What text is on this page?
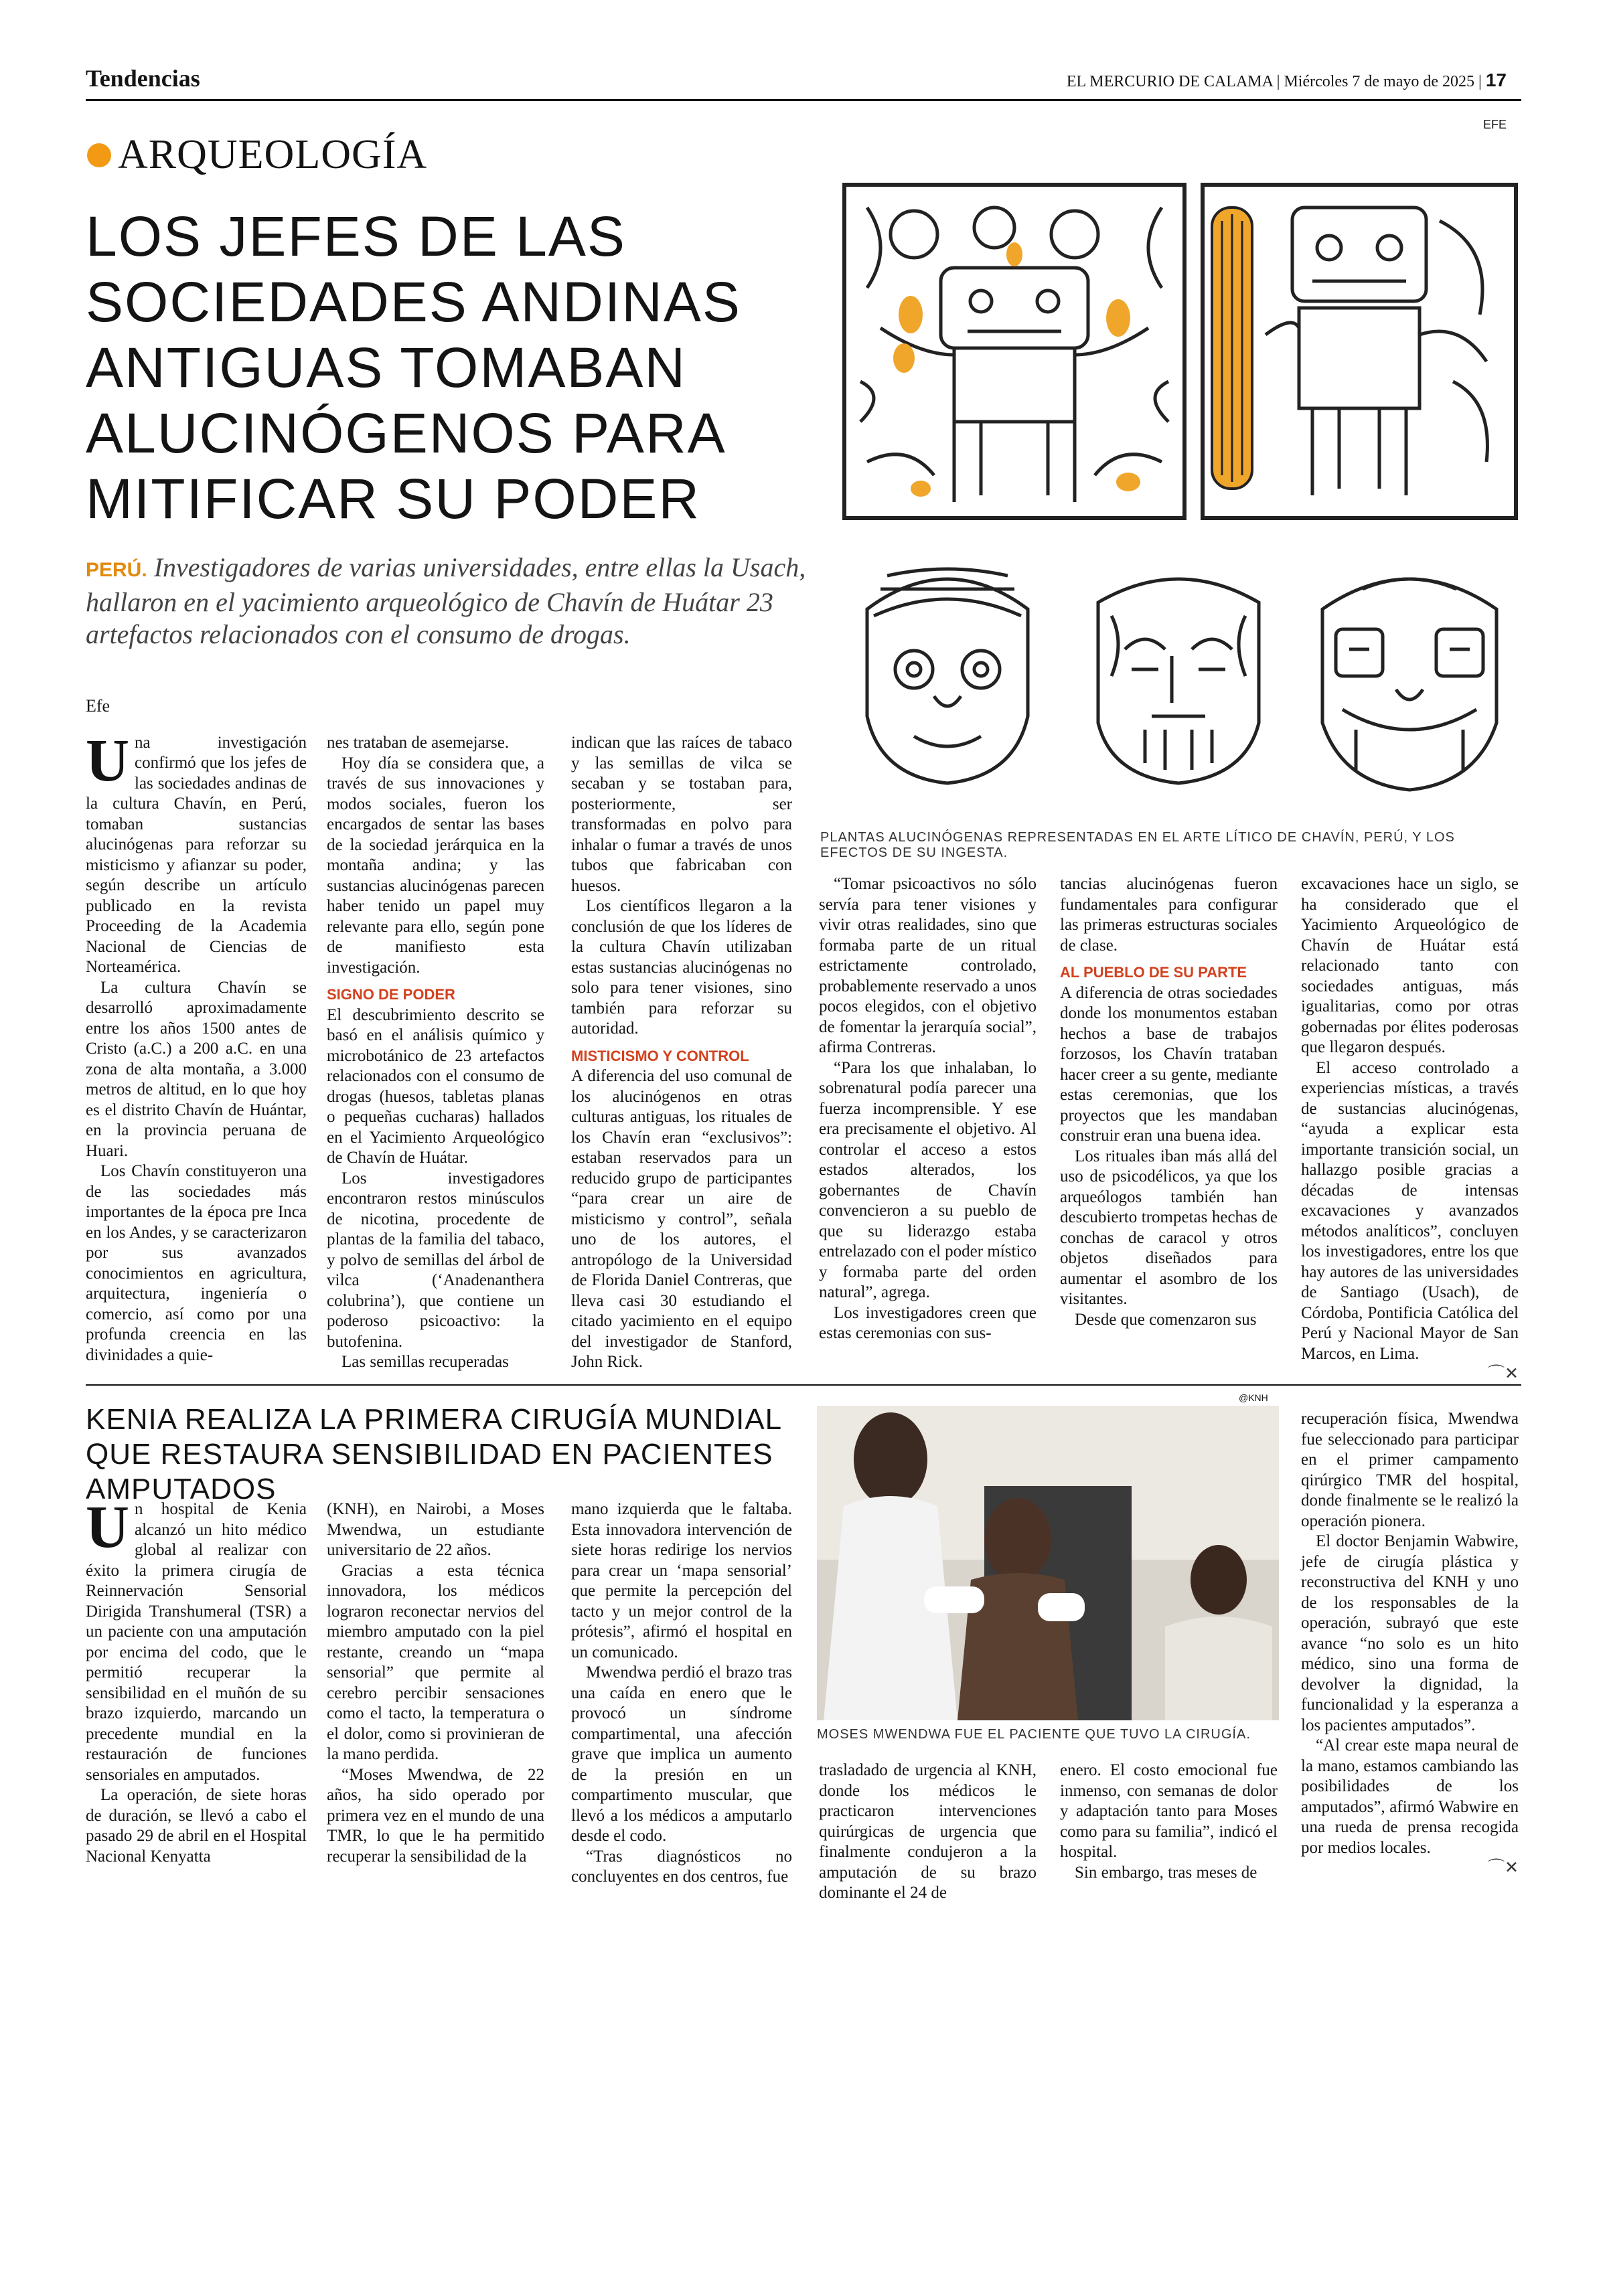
Tendencias	EL MERCURIO DE CALAMA | Miércoles 7 de mayo de 2025 | 17
EFE
ARQUEOLOGÍA
LOS JEFES DE LAS SOCIEDADES ANDINAS ANTIGUAS TOMABAN ALUCINÓGENOS PARA MITIFICAR SU PODER
PERÚ. Investigadores de varias universidades, entre ellas la Usach, hallaron en el yacimiento arqueológico de Chavín de Huátar 23 artefactos relacionados con el consumo de drogas.
PLANTAS ALUCINÓGENAS REPRESENTADAS EN EL ARTE LÍTICO DE CHAVÍN, PERÚ, Y LOS EFECTOS DE SU INGESTA.

Efe

Una investigación confirmó que los jefes de las sociedades andinas de la cultura Chavín, en Perú, tomaban sustancias alucinógenas para reforzar su misticismo y afianzar su poder, según describe un artículo publicado en la revista Proceeding de la Academia Nacional de Ciencias de Norteamérica.

La cultura Chavín se desarrolló aproximadamente entre los años 1500 antes de Cristo (a.C.) a 200 a.C. en una zona de alta montaña, a 3.000 metros de altitud, en lo que hoy es el distrito Chavín de Huántar, en la provincia peruana de Huari.

Los Chavín constituyeron una de las sociedades más importantes de la época pre Inca en los Andes, y se caracterizaron por sus avanzados conocimientos en agricultura, arquitectura, ingeniería o comercio, así como por una profunda creencia en las divinidades a quie-

nes trataban de asemejarse.

Hoy día se considera que, a través de sus innovaciones y modos sociales, fueron los encargados de sentar las bases de la sociedad jerárquica en la montaña andina; y las sustancias alucinógenas parecen haber tenido un papel muy relevante para ello, según pone de manifiesto esta investigación.

SIGNO DE PODER

El descubrimiento descrito se basó en el análisis químico y microbotánico de 23 artefactos relacionados con el consumo de drogas (huesos, tabletas planas o pequeñas cucharas) hallados en el Yacimiento Arqueológico de Chavín de Huátar.

Los investigadores encontraron restos minúsculos de nicotina, procedente de plantas de la familia del tabaco, y polvo de semillas del árbol de vilca (‘Anadenanthera colubrina’), que contiene un poderoso psicoactivo: la butofenina.

Las semillas recuperadas

indican que las raíces de tabaco y las semillas de vilca se secaban y se tostaban para, posteriormente, ser transformadas en polvo para inhalar o fumar a través de unos tubos que fabricaban con huesos.

Los científicos llegaron a la conclusión de que los líderes de la cultura Chavín utilizaban estas sustancias alucinógenas no solo para tener visiones, sino también para reforzar su autoridad.

MISTICISMO Y CONTROL

A diferencia del uso comunal de los alucinógenos en otras culturas antiguas, los rituales de los Chavín eran “exclusivos”: estaban reservados para un reducido grupo de participantes “para crear un aire de misticismo y control”, señala uno de los autores, el antropólogo de la Universidad de Florida Daniel Contreras, que lleva casi 30 estudiando el citado yacimiento en el equipo del investigador de Stanford, John Rick.

“Tomar psicoactivos no sólo servía para tener visiones y vivir otras realidades, sino que formaba parte de un ritual estrictamente controlado, probablemente reservado a unos pocos elegidos, con el objetivo de fomentar la jerarquía social”, afirma Contreras.

“Para los que inhalaban, lo sobrenatural podía parecer una fuerza incomprensible. Y ese era precisamente el objetivo. Al controlar el acceso a estos estados alterados, los gobernantes de Chavín convencieron a su pueblo de que su liderazgo estaba entrelazado con el poder místico y formaba parte del orden natural”, agrega.

Los investigadores creen que estas ceremonias con sus-

tancias alucinógenas fueron fundamentales para configurar las primeras estructuras sociales de clase.

AL PUEBLO DE SU PARTE

A diferencia de otras sociedades donde los monumentos estaban hechos a base de trabajos forzosos, los Chavín trataban hacer creer a su gente, mediante estas ceremonias, que los proyectos que les mandaban construir eran una buena idea.

Los rituales iban más allá del uso de psicodélicos, ya que los arqueólogos también han descubierto trompetas hechas de conchas de caracol y otros objetos diseñados para aumentar el asombro de los visitantes.

Desde que comenzaron sus

excavaciones hace un siglo, se ha considerado que el Yacimiento Arqueológico de Chavín de Huátar está relacionado tanto con sociedades antiguas, más igualitarias, como por otras gobernadas por élites poderosas que llegaron después.

El acceso controlado a experiencias místicas, a través de sustancias alucinógenas, “ayuda a explicar esta importante transición social, un hallazgo posible gracias a décadas de intensas excavaciones y avanzados métodos analíticos”, concluyen los investigadores, entre los que hay autores de las universidades de Santiago (Usach), de Córdoba, Pontificia Católica del Perú y Nacional Mayor de San Marcos, en Lima.

⌒✕

KENIA REALIZA LA PRIMERA CIRUGÍA MUNDIAL QUE RESTAURA SENSIBILIDAD EN PACIENTES AMPUTADOS
@KNH
MOSES MWENDWA FUE EL PACIENTE QUE TUVO LA CIRUGÍA.

Un hospital de Kenia alcanzó un hito médico global al realizar con éxito la primera cirugía de Reinnervación Sensorial Dirigida Transhumeral (TSR) a un paciente con una amputación por encima del codo, que le permitió recuperar la sensibilidad en el muñón de su brazo izquierdo, marcando un precedente mundial en la restauración de funciones sensoriales en amputados.

La operación, de siete horas de duración, se llevó a cabo el pasado 29 de abril en el Hospital Nacional Kenyatta

(KNH), en Nairobi, a Moses Mwendwa, un estudiante universitario de 22 años.

Gracias a esta técnica innovadora, los médicos lograron reconectar nervios del miembro amputado con la piel restante, creando un “mapa sensorial” que permite al cerebro percibir sensaciones como el tacto, la temperatura o el dolor, como si provinieran de la mano perdida.

“Moses Mwendwa, de 22 años, ha sido operado por primera vez en el mundo de una TMR, lo que le ha permitido recuperar la sensibilidad de la

mano izquierda que le faltaba. Esta innovadora intervención de siete horas redirige los nervios para crear un ‘mapa sensorial’ que permite la percepción del tacto y un mejor control de la prótesis”, afirmó el hospital en un comunicado.

Mwendwa perdió el brazo tras una caída en enero que le provocó un síndrome compartimental, una afección grave que implica un aumento de la presión en un compartimento muscular, que llevó a los médicos a amputarlo desde el codo.

“Tras diagnósticos no concluyentes en dos centros, fue

trasladado de urgencia al KNH, donde los médicos le practicaron intervenciones quirúrgicas de urgencia que finalmente condujeron a la amputación de su brazo dominante el 24 de

enero. El costo emocional fue inmenso, con semanas de dolor y adaptación tanto para Moses como para su familia”, indicó el hospital.

Sin embargo, tras meses de

recuperación física, Mwendwa fue seleccionado para participar en el primer campamento qirúrgico TMR del hospital, donde finalmente se le realizó la operación pionera.

El doctor Benjamin Wabwire, jefe de cirugía plástica y reconstructiva del KNH y uno de los responsables de la operación, subrayó que este avance “no solo es un hito médico, sino una forma de devolver la dignidad, la funcionalidad y la esperanza a los pacientes amputados”.

“Al crear este mapa neural de la mano, estamos cambiando las posibilidades de los amputados”, afirmó Wabwire en una rueda de prensa recogida por medios locales.

⌒✕
